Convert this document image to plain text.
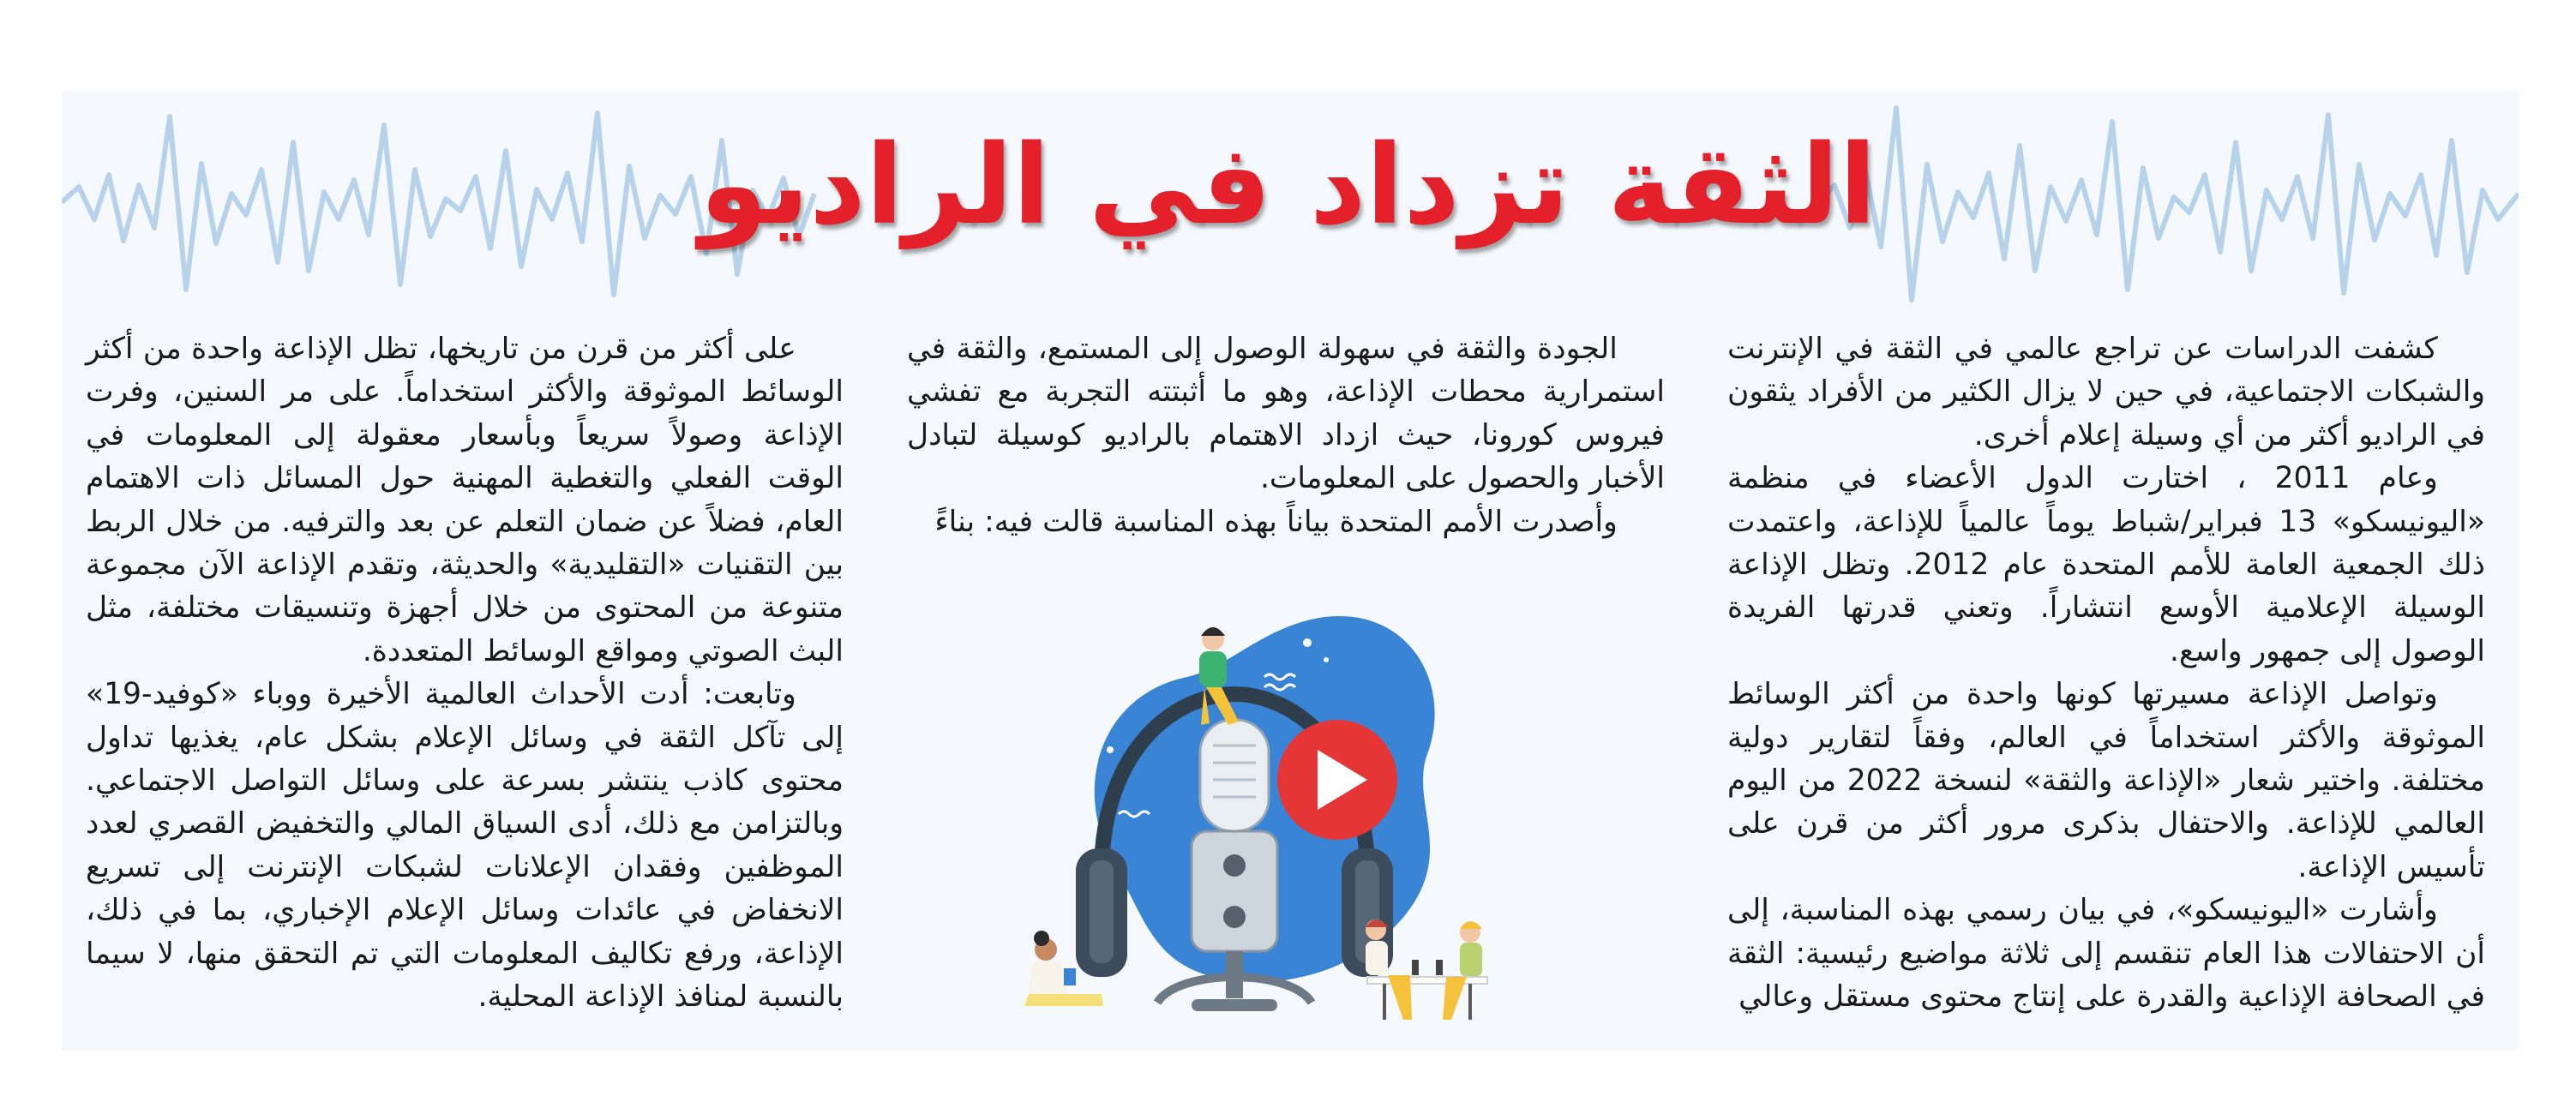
الثقة تزداد في الراديو

كشفت الدراسات عن تراجع عالمي في الثقة في الإنترنت والشبكات الاجتماعية، في حين لا يزال الكثير من الأفراد يثقون في الراديو أكثر من أي وسيلة إعلام أخرى.

وعام 2011 ، اختارت الدول الأعضاء في منظمة «اليونيسكو» 13 فبراير/شباط يوماً عالمياً للإذاعة، واعتمدت ذلك الجمعية العامة للأمم المتحدة عام 2012. وتظل الإذاعة الوسيلة الإعلامية الأوسع انتشاراً. وتعني قدرتها الفريدة الوصول إلى جمهور واسع.

وتواصل الإذاعة مسيرتها كونها واحدة من أكثر الوسائط الموثوقة والأكثر استخداماً في العالم، وفقاً لتقارير دولية مختلفة. واختير شعار «الإذاعة والثقة» لنسخة 2022 من اليوم العالمي للإذاعة. والاحتفال بذكرى مرور أكثر من قرن على تأسيس الإذاعة.

وأشارت «اليونيسكو»، في بيان رسمي بهذه المناسبة، إلى أن الاحتفالات هذا العام تنقسم إلى ثلاثة مواضيع رئيسية: الثقة في الصحافة الإذاعية والقدرة على إنتاج محتوى مستقل وعالي

الجودة والثقة في سهولة الوصول إلى المستمع، والثقة في استمرارية محطات الإذاعة، وهو ما أثبتته التجربة مع تفشي فيروس كورونا، حيث ازداد الاهتمام بالراديو كوسيلة لتبادل الأخبار والحصول على المعلومات.

وأصدرت الأمم المتحدة بياناً بهذه المناسبة قالت فيه: بناءً

على أكثر من قرن من تاريخها، تظل الإذاعة واحدة من أكثر الوسائط الموثوقة والأكثر استخداماً. على مر السنين، وفرت الإذاعة وصولاً سريعاً وبأسعار معقولة إلى المعلومات في الوقت الفعلي والتغطية المهنية حول المسائل ذات الاهتمام العام، فضلاً عن ضمان التعلم عن بعد والترفيه. من خلال الربط بين التقنيات «التقليدية» والحديثة، وتقدم الإذاعة الآن مجموعة متنوعة من المحتوى من خلال أجهزة وتنسيقات مختلفة، مثل البث الصوتي ومواقع الوسائط المتعددة.

وتابعت: أدت الأحداث العالمية الأخيرة ووباء «كوفيد-19» إلى تآكل الثقة في وسائل الإعلام بشكل عام، يغذيها تداول محتوى كاذب ينتشر بسرعة على وسائل التواصل الاجتماعي. وبالتزامن مع ذلك، أدى السياق المالي والتخفيض القصري لعدد الموظفين وفقدان الإعلانات لشبكات الإنترنت إلى تسريع الانخفاض في عائدات وسائل الإعلام الإخباري، بما في ذلك، الإذاعة، ورفع تكاليف المعلومات التي تم التحقق منها، لا سيما بالنسبة لمنافذ الإذاعة المحلية.
